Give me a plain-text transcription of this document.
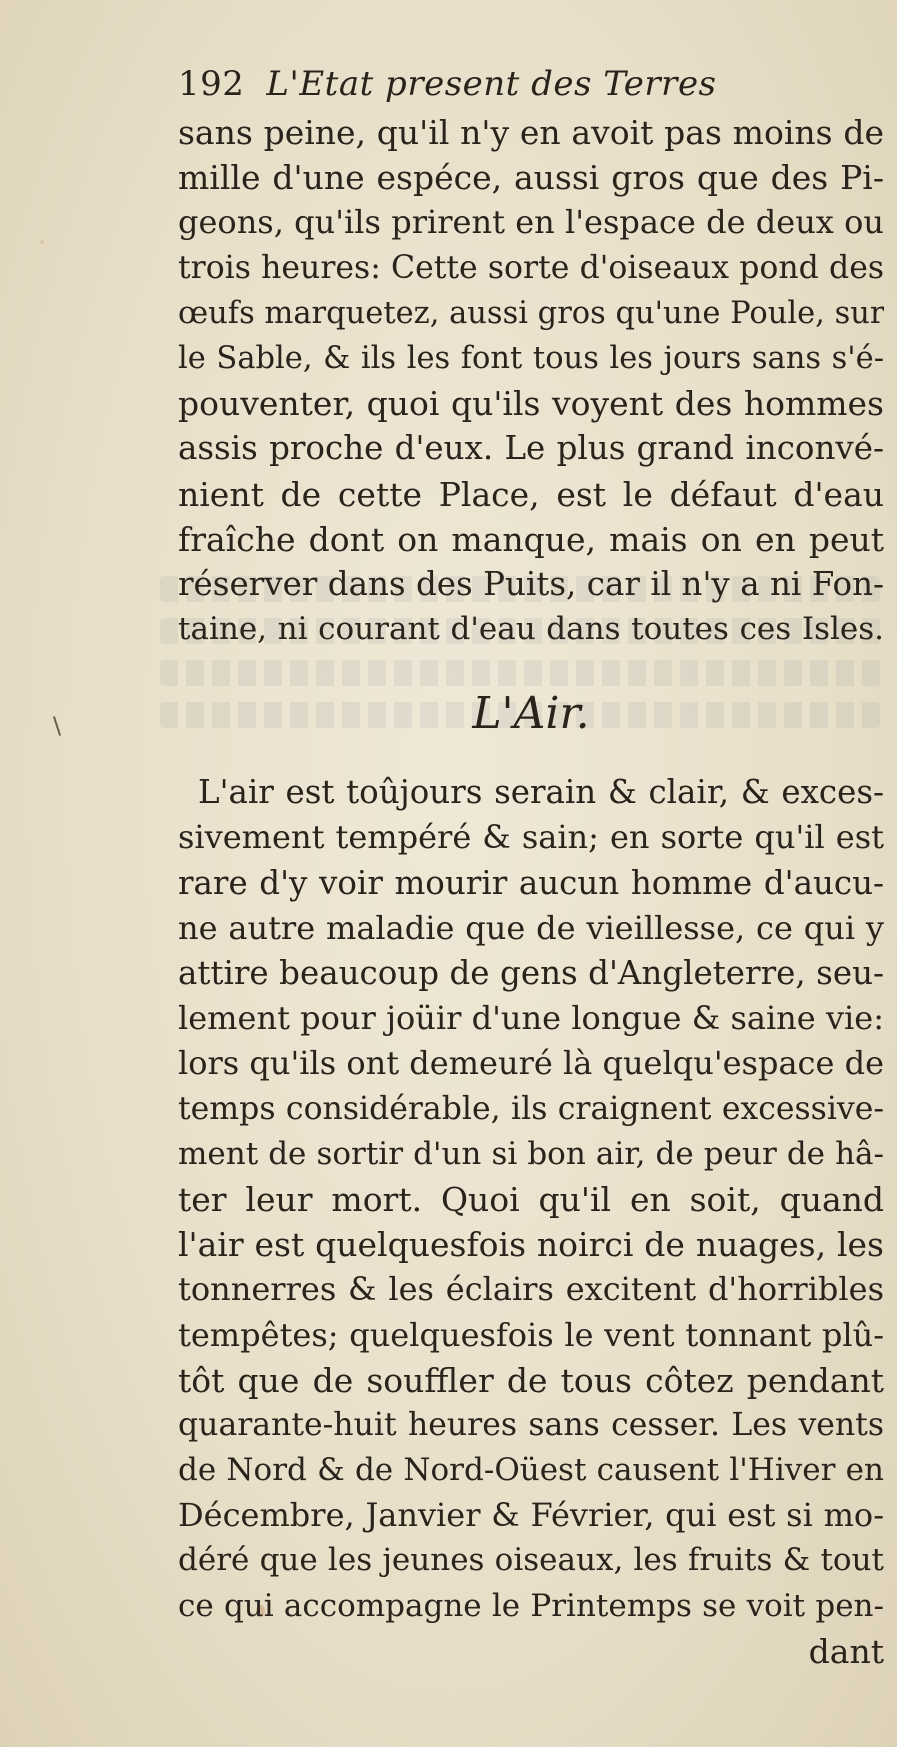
192 L'Etat present des Terres
sans peine, qu'il n'y en avoit pas moins de
mille d'une espéce, aussi gros que des Pi-
geons, qu'ils prirent en l'espace de deux ou
trois heures: Cette sorte d'oiseaux pond des
œufs marquetez, aussi gros qu'une Poule, sur
le Sable, & ils les font tous les jours sans s'é-
pouventer, quoi qu'ils voyent des hommes
assis proche d'eux. Le plus grand inconvé-
nient de cette Place, est le défaut d'eau
fraîche dont on manque, mais on en peut
réserver dans des Puits, car il n'y a ni Fon-
taine, ni courant d'eau dans toutes ces Isles.
L'Air.
L'air est toûjours serain & clair, & exces-
sivement tempéré & sain; en sorte qu'il est
rare d'y voir mourir aucun homme d'aucu-
ne autre maladie que de vieillesse, ce qui y
attire beaucoup de gens d'Angleterre, seu-
lement pour joüir d'une longue & saine vie:
lors qu'ils ont demeuré là quelqu'espace de
temps considérable, ils craignent excessive-
ment de sortir d'un si bon air, de peur de hâ-
ter leur mort. Quoi qu'il en soit, quand
l'air est quelquesfois noirci de nuages, les
tonnerres & les éclairs excitent d'horribles
tempêtes; quelquesfois le vent tonnant plû-
tôt que de souffler de tous côtez pendant
quarante-huit heures sans cesser. Les vents
de Nord & de Nord-Oüest causent l'Hiver en
Décembre, Janvier & Février, qui est si mo-
déré que les jeunes oiseaux, les fruits & tout
ce qui accompagne le Printemps se voit pen-
dant
